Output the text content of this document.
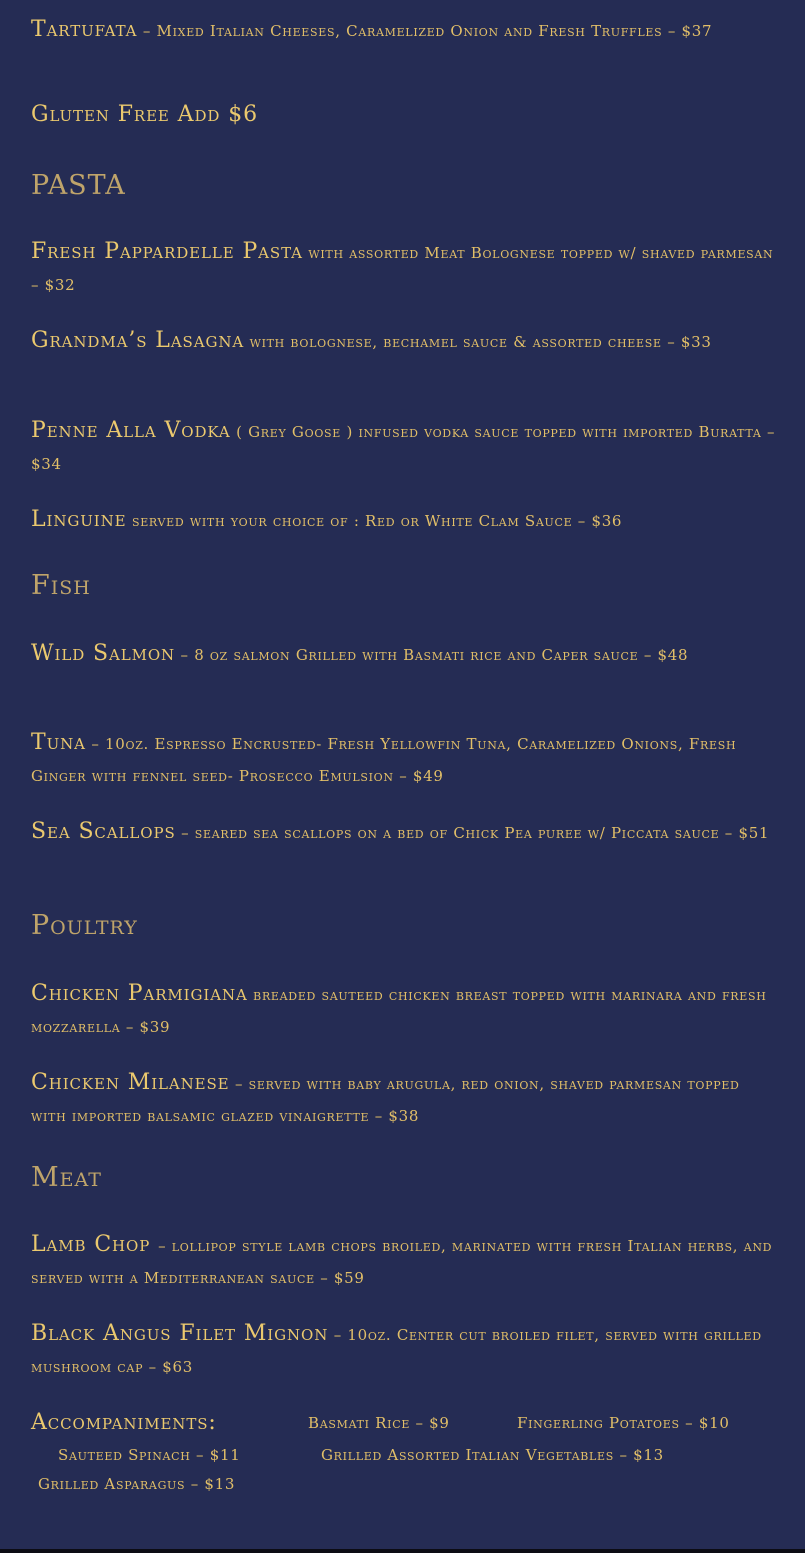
Tartufata – Mixed Italian Cheeses, Caramelized Onion and Fresh Truffles – $37
Gluten Free Add $6
PASTA
Fresh Pappardelle Pasta with assorted Meat Bolognese topped w/ shaved parmesan – $32
Grandma’s Lasagna with bolognese, bechamel sauce & assorted cheese – $33
Penne Alla Vodka ( Grey Goose ) infused vodka sauce topped with imported Buratta – $34
Linguine served with your choice of : Red or White Clam Sauce – $36
Fish
Wild Salmon – 8 oz salmon Grilled with Basmati rice and Caper sauce – $48
Tuna – 10oz. Espresso Encrusted- Fresh Yellowfin Tuna, Caramelized Onions, Fresh Ginger with fennel seed- Prosecco Emulsion – $49
Sea Scallops – seared sea scallops on a bed of Chick Pea puree w/ Piccata sauce – $51
Poultry
Chicken Parmigiana breaded sauteed chicken breast topped with marinara and fresh mozzarella – $39
Chicken Milanese – served with baby arugula, red onion, shaved parmesan topped with imported balsamic glazed vinaigrette – $38
Meat
Lamb Chop – lollipop style lamb chops broiled, marinated with fresh Italian herbs, and served with a Mediterranean sauce – $59
Black Angus Filet Mignon – 10oz. Center cut broiled filet, served with grilled mushroom cap – $63
Accompaniments:	Basmati Rice – $9	Fingerling Potatoes – $10
Sauteed Spinach – $11	Grilled Assorted Italian Vegetables – $13
Grilled Asparagus – $13
